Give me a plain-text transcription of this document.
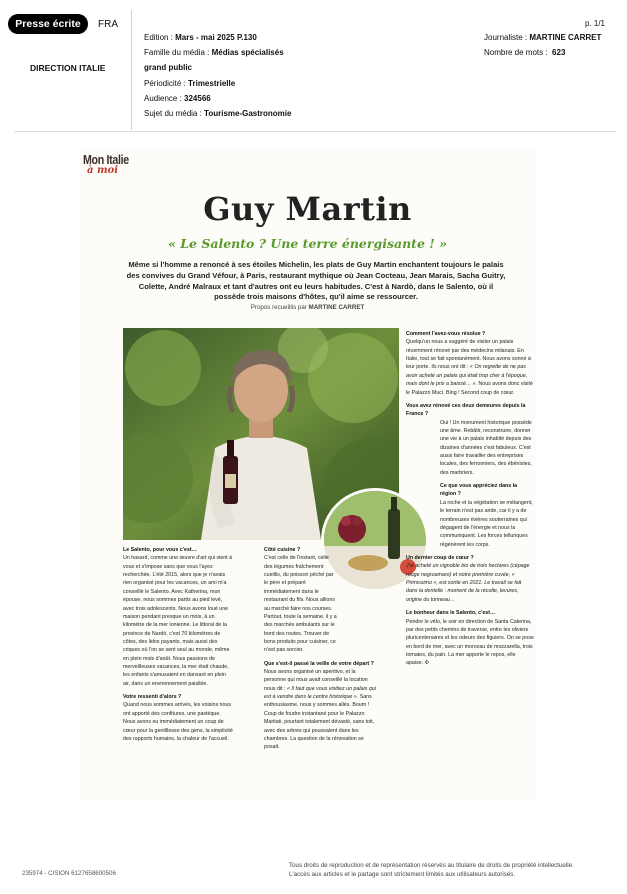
Presse écrite	FRA
DIRECTION ITALIE
Edition : Mars - mai 2025 P.130
Famille du média : Médias spécialisés
grand public
Périodicité : Trimestrielle
Audience : 324566
Sujet du média : Tourisme-Gastronomie
p. 1/1
Journaliste : MARTINE CARRET
Nombre de mots :  623
Mon Italie
à moi
Guy Martin
« Le Salento ? Une terre énergisante ! »
Même si l'homme a renoncé à ses étoiles Michelin, les plats de Guy Martin enchantent toujours le palais des convives du Grand Véfour, à Paris, restaurant mythique où Jean Cocteau, Jean Marais, Sacha Guitry, Colette, André Malraux et tant d'autres ont eu leurs habitudes. C'est à Nardò, dans le Salento, où il possède trois maisons d'hôtes, qu'il aime se ressourcer.
Propos recueillis par MARTINE CARRET
Le Salento, pour vous c'est…

Un hasard, comme une œuvre d'art qui vient à vous et s'impose sans que vous l'ayez recherchée. L'été 2015, alors que je n'avais rien organisé pour les vacances, un ami m'a conseillé le Salento. Avec Katherina, mon épouse, nous sommes partis au pied levé, avec trois adolescents. Nous avons loué une maison pendant presque un mois, à un kilomètre de la mer ionienne. Le littoral de la province de Nardò, c'est 70 kilomètres de côtes, des lidos payants, mais aussi des criques où l'on se sent seul au monde, même en plein mois d'août. Nous passions de merveilleuses vacances, la mer était chaude, les enfants s'amusaient en dansant en plein air, dans un environnement paisible.

Votre ressenti d'alors ?

Quand nous sommes arrivés, les voisins nous ont apporté des confitures, une pastèque. Nous avons eu immédiatement un coup de cœur pour la gentillesse des gens, la simplicité des rapports humains, la chaleur de l'accueil.

Côté cuisine ?

C'est celle de l'instant, celle des légumes fraîchement cueillis, du poisson pêché par le père et préparé immédiatement dans le restaurant du fils. Nous allions au marché faire nos courses. Partout, toute la semaine, il y a des marchés ambulants sur le bord des routes. Trouver de bons produits pour cuisiner, ce n'est pas sorcier.

Que s'est-il passé la veille de votre départ ?

Nous avons organisé un aperitivo, et la personne qui nous avait conseillé la location nous dit : « Il faut que vous visitiez un palais qui est à vendre dans le centre historique ». Sans enthousiasme, nous y sommes allés. Boum ! Coup de foudre instantané pour le Palazzo Maritati, pourtant totalement dévasté, sans toit, avec des arbres qui poussaient dans les chambres. La question de la rénovation se posait.

Comment l'avez-vous résolue ?

Quelqu'un nous a suggéré de visiter un palais récemment rénové par des médecins milanais. En Italie, tout se fait spontanément. Nous avons sonné à leur porte. Ils nous ont dit : « On regrette de ne pas avoir acheté un palais qui était trop cher à l'époque, mais dont le prix a baissé… ». Nous avons donc visité le Palazzo Muci. Bing ! Second coup de cœur.

Vous avez rénové ces deux demeures depuis la France ?

Oui ! Un monument historique possède une âme. Rebâtir, reconstruire, donner une vie à un palais inhabité depuis des dizaines d'années c'est fabuleux. C'est aussi faire travailler des entreprises locales, des ferronniers, des ébénistes, des marbriers.

Ce que vous appréciez dans la région ?

La roche et la végétation se mélangent, le terrain n'est pas aride, car il y a de nombreuses rivières souterraines qui dégagent de l'énergie et nous la communiquent. Les forces telluriques régénèrent les corps.

Un dernier coup de cœur ?

J'ai acheté un vignoble bio de trois hectares (cépage rouge negroamaro) et notre première cuvée, « Primissimo », est sortie en 2021. Le travail se fait dans la dentelle : moment de la récolte, levures, origine du tonneau…

Le bonheur dans le Salento, c'est…

Pendre le vélo, le soir en direction de Santa Caterina, par des petits chemins de traverse, entre les oliviers pluricentenaires et les odeurs des figuiers. On se pose en bord de mer, avec un morceau de mozzarella, trois tomates, du pain. La mer apporte le repos, elle apaise. ✣

235974 - CISION 6127658600506
Tous droits de reproduction et de représentation réservés au titulaire de droits de propriété intellectuelle.
L'accès aux articles et le partage sont strictement limités aux utilisateurs autorisés.
